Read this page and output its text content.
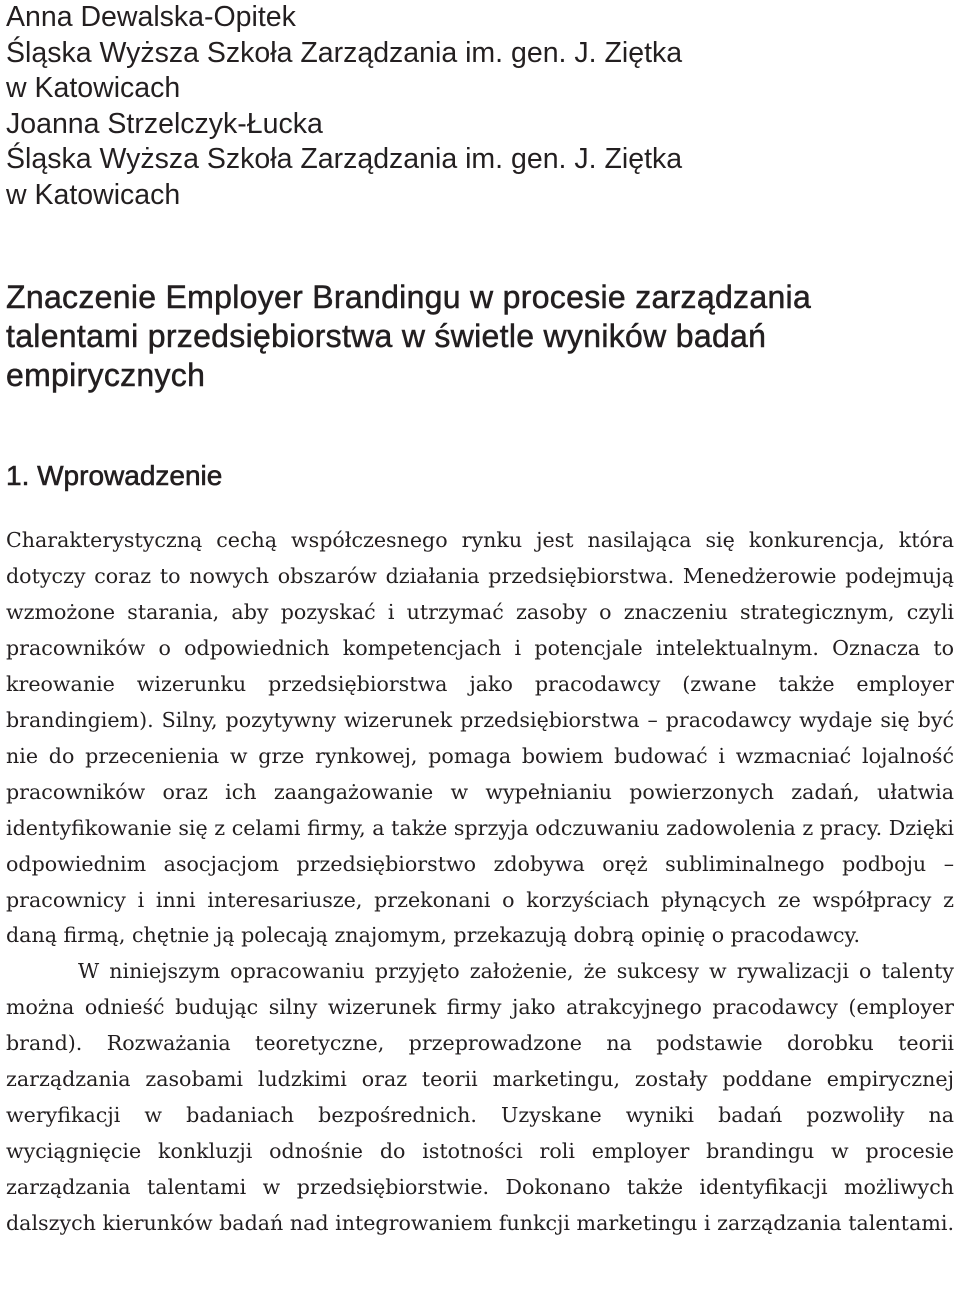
Anna Dewalska-Opitek
Śląska Wyższa Szkoła Zarządzania im. gen. J. Ziętka
w Katowicach
Joanna Strzelczyk-Łucka
Śląska Wyższa Szkoła Zarządzania im. gen. J. Ziętka
w Katowicach
Znaczenie Employer Brandingu w procesie zarządzania talentami przedsiębiorstwa w świetle wyników badań empirycznych
1. Wprowadzenie

Charakterystyczną cechą współczesnego rynku jest nasilająca się konkurencja, która dotyczy coraz to nowych obszarów działania przedsiębiorstwa. Menedżerowie podejmują wzmożone starania, aby pozyskać i utrzymać zasoby o znaczeniu strategicznym, czyli pracowników o odpowiednich kompetencjach i potencjale intelektualnym. Oznacza to kreowanie wizerunku przedsiębiorstwa jako pracodawcy (zwane także employer brandingiem). Silny, pozytywny wizerunek przedsiębiorstwa – pracodawcy wydaje się być nie do przecenienia w grze rynkowej, pomaga bowiem budować i wzmacniać lojalność pracowników oraz ich zaangażowanie w wypełnianiu powierzonych zadań, ułatwia identyfikowanie się z celami firmy, a także sprzyja odczuwaniu zadowolenia z pracy. Dzięki odpowiednim asocjacjom przedsiębiorstwo zdobywa oręż subliminalnego podboju – pracownicy i inni interesariusze, przekonani o korzyściach płynących ze współpracy z daną firmą, chętnie ją polecają znajomym, przekazują dobrą opinię o pracodawcy.

W niniejszym opracowaniu przyjęto założenie, że sukcesy w rywalizacji o talenty można odnieść budując silny wizerunek firmy jako atrakcyjnego pracodawcy (employer brand). Rozważania teoretyczne, przeprowadzone na podstawie dorobku teorii zarządzania zasobami ludzkimi oraz teorii marketingu, zostały poddane empirycznej weryfikacji w badaniach bezpośrednich. Uzyskane wyniki badań pozwoliły na wyciągnięcie konkluzji odnośnie do istotności roli employer brandingu w procesie zarządzania talentami w przedsiębiorstwie. Dokonano także identyfikacji możliwych dalszych kierunków badań nad integrowaniem funkcji marketingu i zarządzania talentami.
